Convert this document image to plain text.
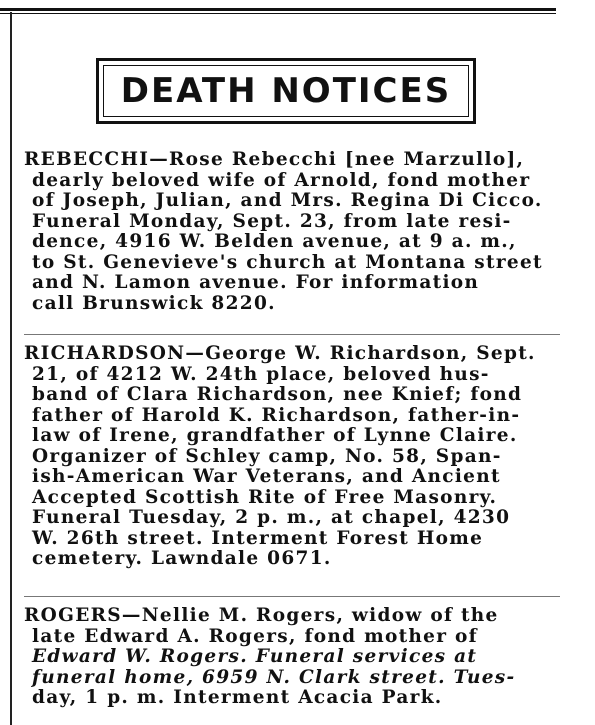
DEATH NOTICES
REBECCHI—Rose Rebecchi [nee Marzullo],
dearly beloved wife of Arnold, fond mother
of Joseph, Julian, and Mrs. Regina Di Cicco.
Funeral Monday, Sept. 23, from late resi-
dence, 4916 W. Belden avenue, at 9 a. m.,
to St. Genevieve's church at Montana street
and N. Lamon avenue. For information
call Brunswick 8220.
RICHARDSON—George W. Richardson, Sept.
21, of 4212 W. 24th place, beloved hus-
band of Clara Richardson, nee Knief; fond
father of Harold K. Richardson, father-in-
law of Irene, grandfather of Lynne Claire.
Organizer of Schley camp, No. 58, Span-
ish-American War Veterans, and Ancient
Accepted Scottish Rite of Free Masonry.
Funeral Tuesday, 2 p. m., at chapel, 4230
W. 26th street. Interment Forest Home
cemetery. Lawndale 0671.
ROGERS—Nellie M. Rogers, widow of the
late Edward A. Rogers, fond mother of
Edward W. Rogers. Funeral services at
funeral home, 6959 N. Clark street. Tues-
day, 1 p. m. Interment Acacia Park.
